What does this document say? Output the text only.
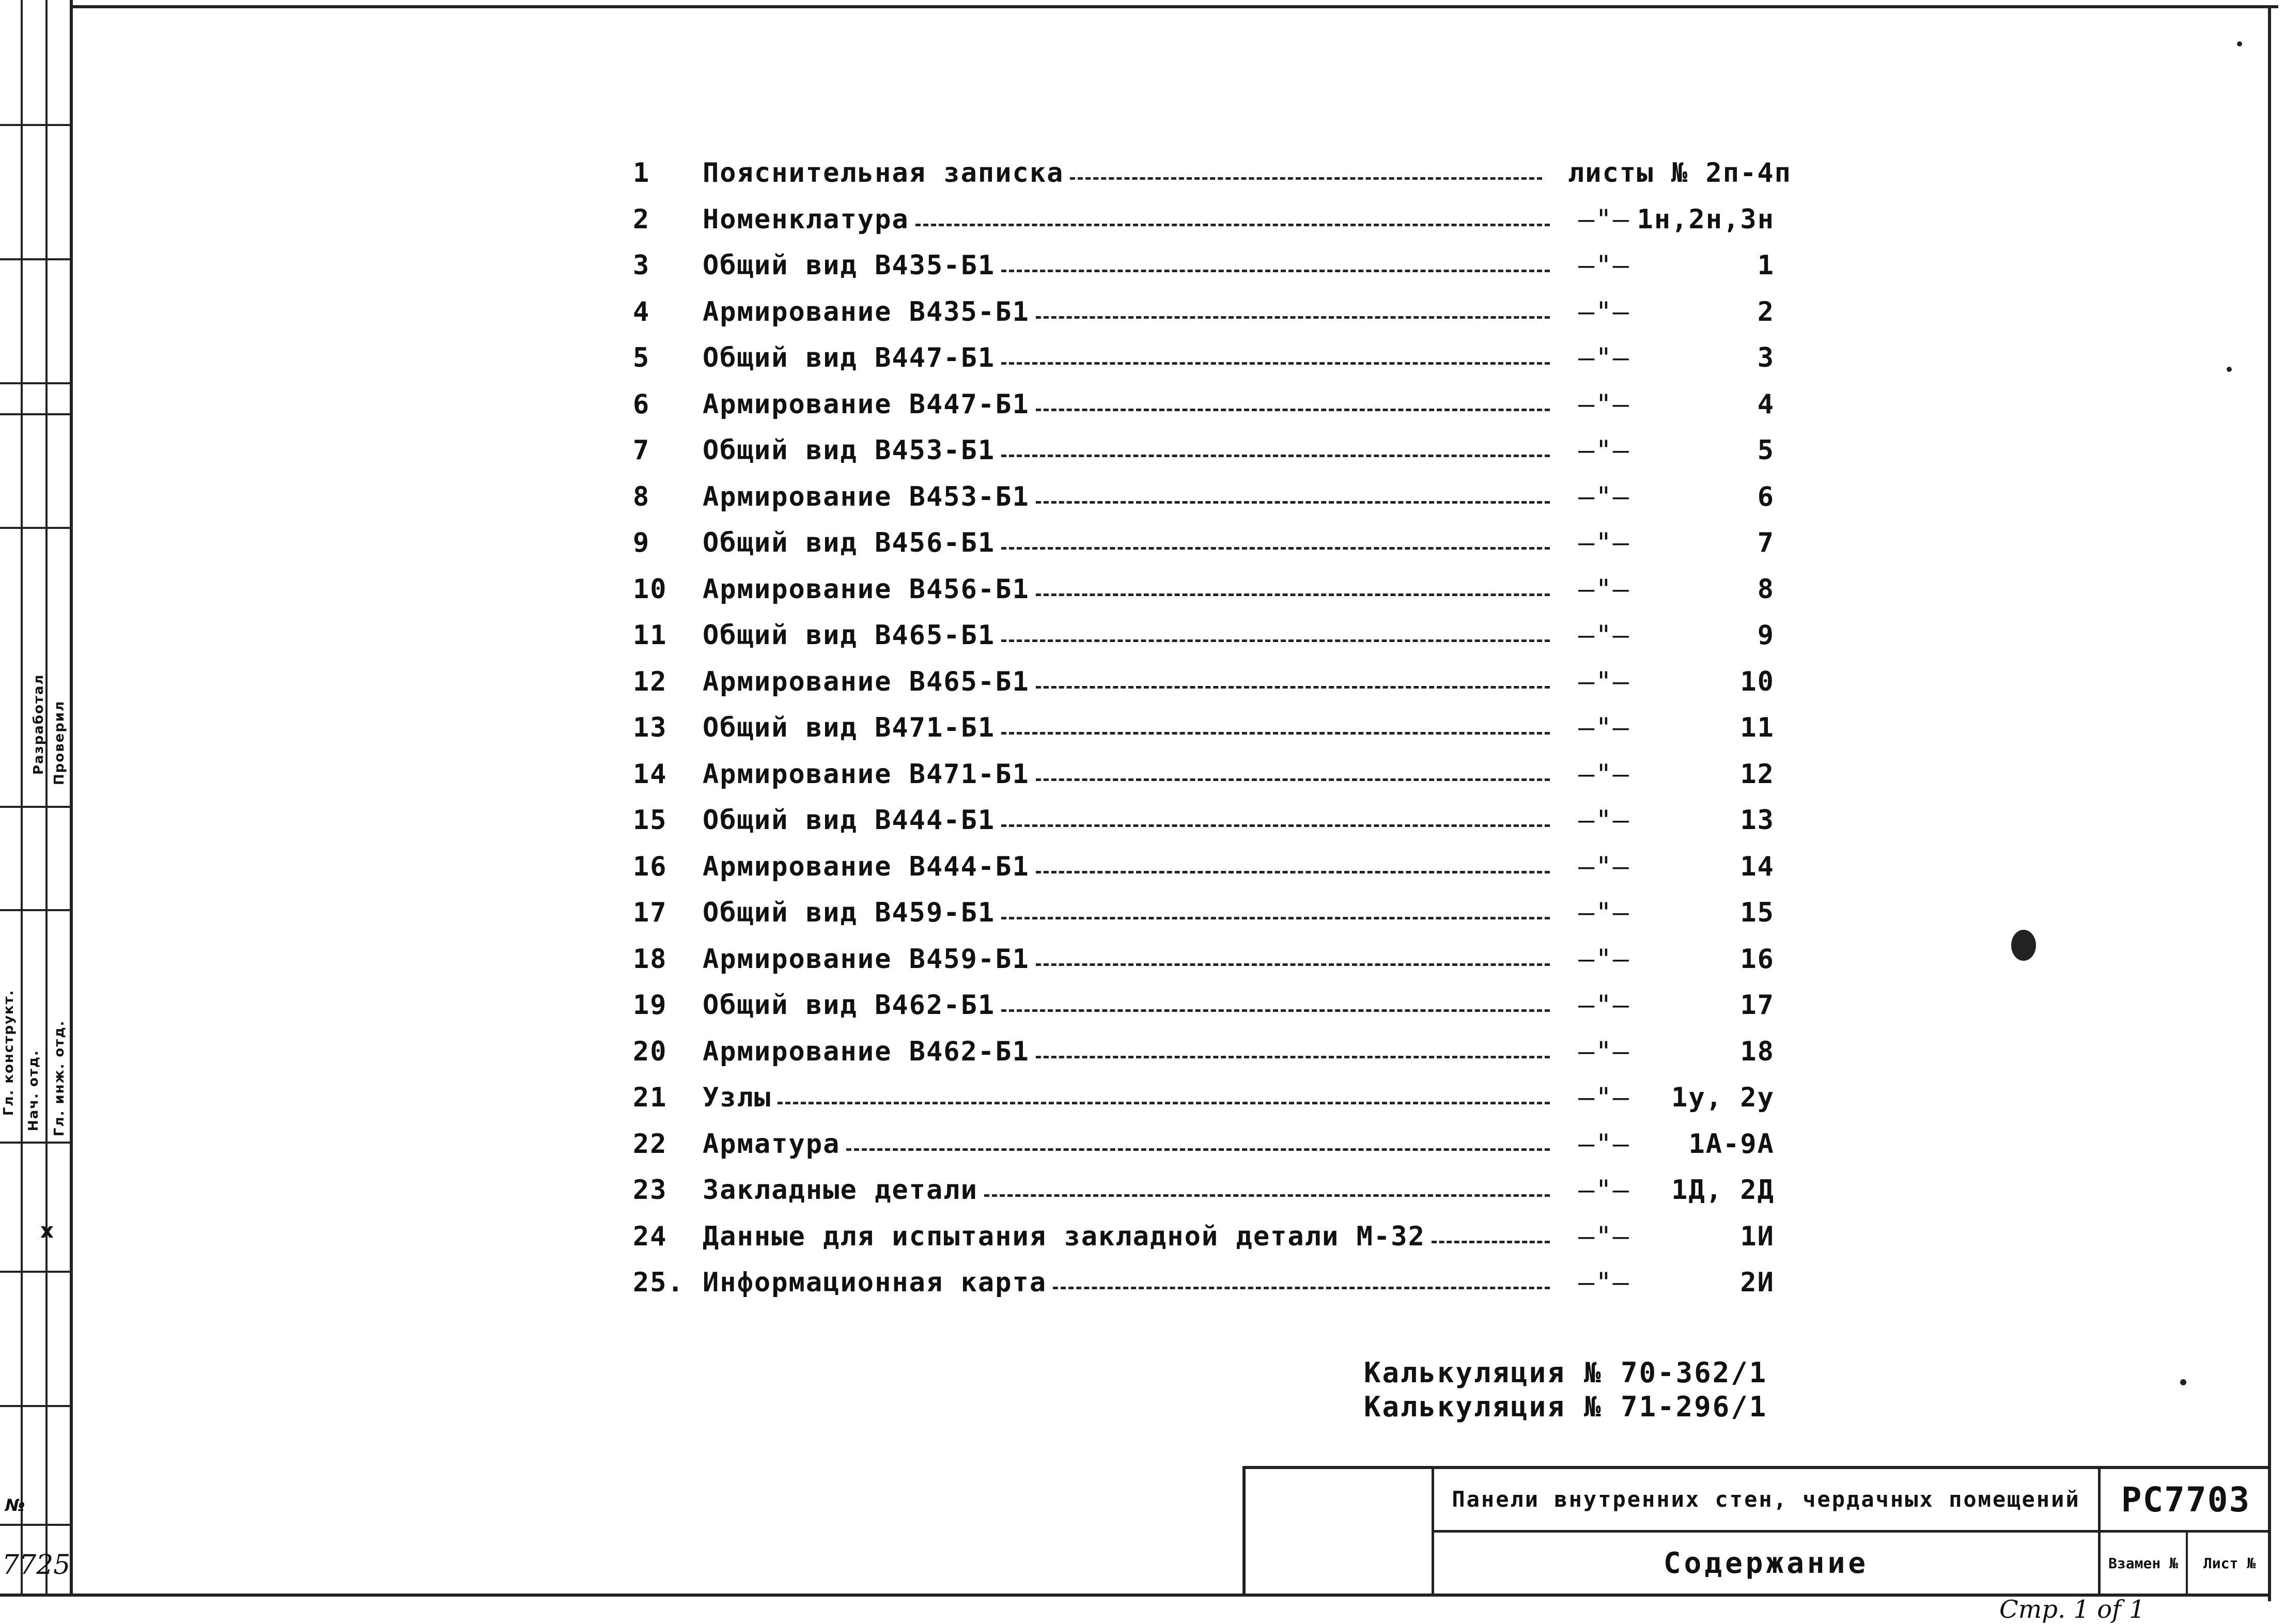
Разработал Проверил
Гл. конструкт. Нач. отд. Гл. инж. отд.
x
№
7725
1	Пояснительная записка	листы № 2п-4п
2	Номенклатура	—"— 1н,2н,3н
3	Общий вид В435-Б1	—"—	1
4	Армирование В435-Б1	—"—	2
5	Общий вид В447-Б1	—"—	3
6	Армирование В447-Б1	—"—	4
7	Общий вид В453-Б1	—"—	5
8	Армирование В453-Б1	—"—	6
9	Общий вид В456-Б1	—"—	7
10 Армирование В456-Б1	—"—	8
11 Общий вид В465-Б1	—"—	9
12 Армирование В465-Б1	—"—	10
13 Общий вид В471-Б1	—"—	11
14 Армирование В471-Б1	—"—	12
15 Общий вид В444-Б1	—"—	13
16 Армирование В444-Б1	—"—	14
17 Общий вид В459-Б1	—"—	15
18 Армирование В459-Б1	—"—	16
19 Общий вид В462-Б1	—"—	17
20 Армирование В462-Б1	—"—	18
21 Узлы	—"—	1у, 2у
22 Арматура	—"—	1А-9А
23 Закладные детали	—"—	1Д, 2Д
24 Данные для испытания закладной детали М-32	—"—	1И
25. Информационная карта	—"—	2И
Калькуляция № 70-362/1
Калькуляция № 71-296/1
Панели внутренних стен, чердачных помещений
Содержание
РС7703
Взамен №	Лист №
Стр. 1 of 1
